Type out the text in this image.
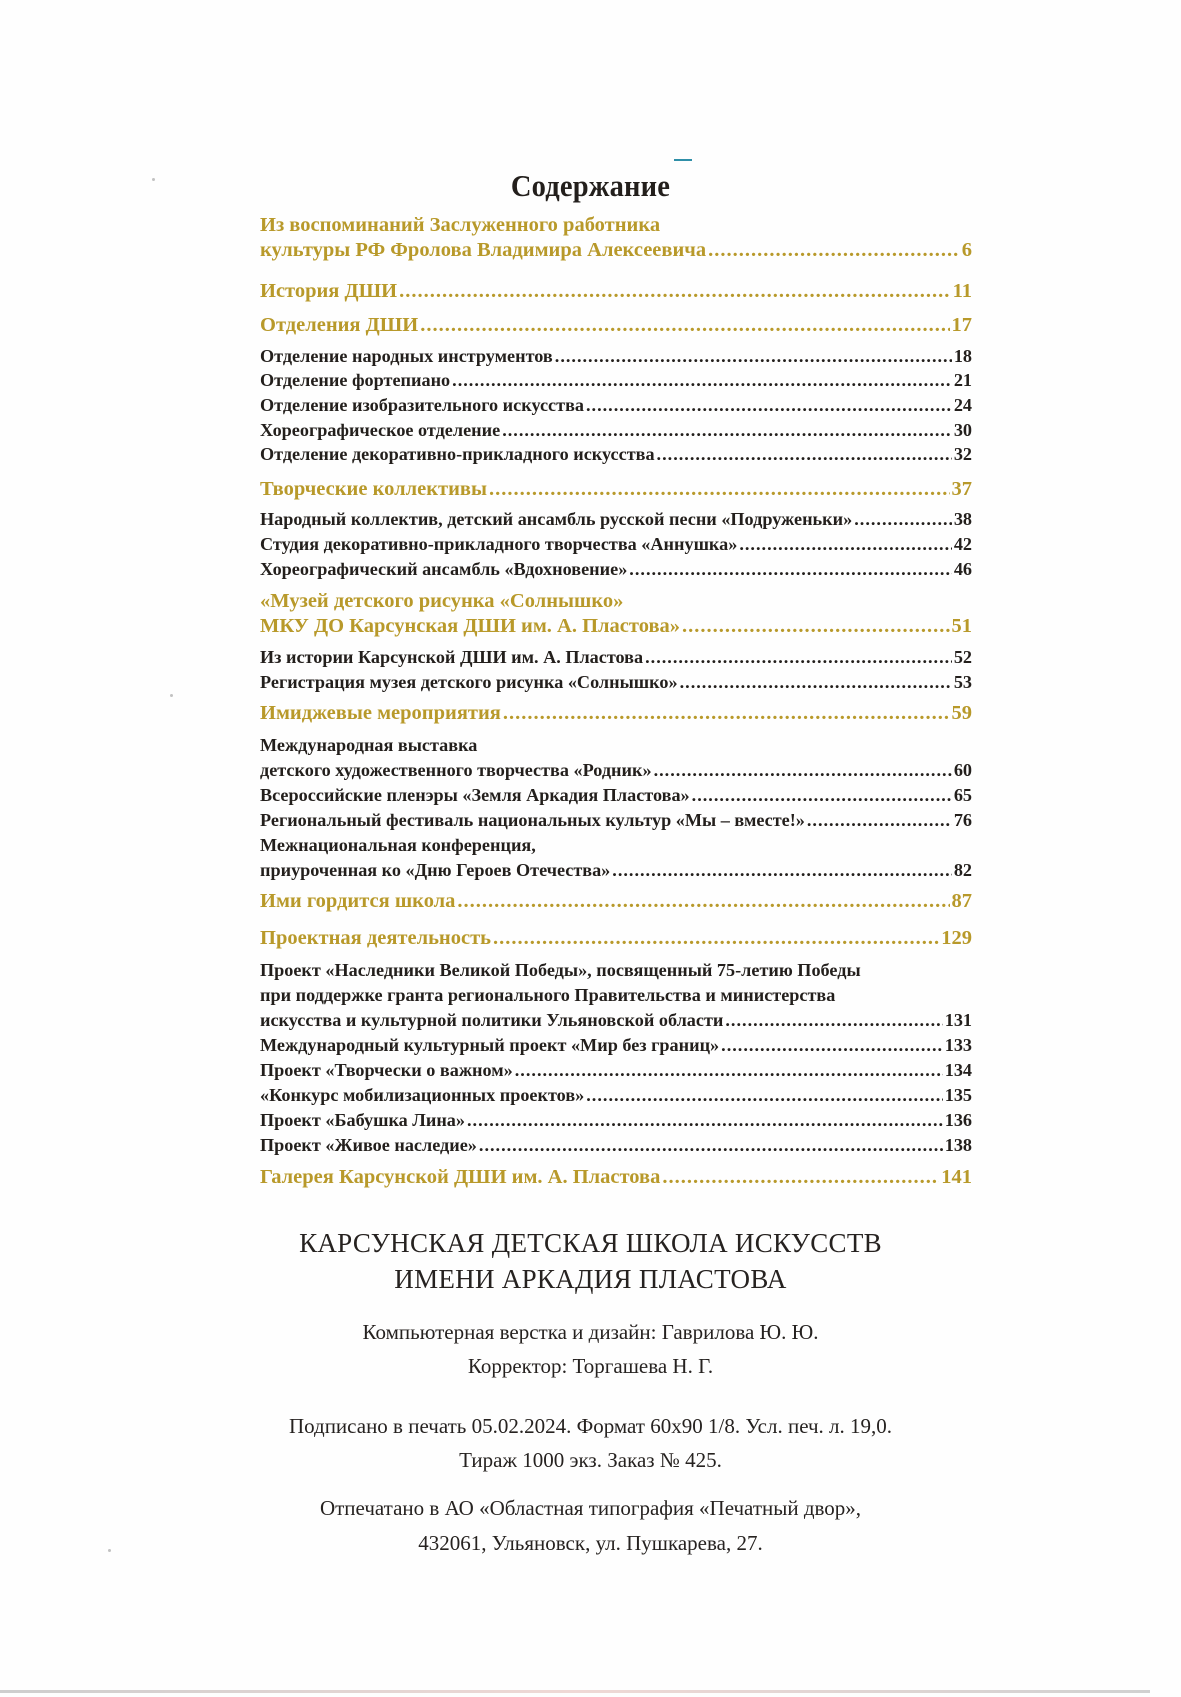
Содержание
Из воспоминаний Заслуженного работника
культуры РФ Фролова Владимира Алексеевича .....	6
История ДШИ .....	11
Отделения ДШИ .....	17
Отделение народных инструментов .....	18
Отделение фортепиано .....	21
Отделение изобразительного искусства .....	24
Хореографическое отделение .....	30
Отделение декоративно-прикладного искусства .....	32
Творческие коллективы .....	37
Народный коллектив, детский ансамбль русской песни «Подруженьки» .....	38
Студия декоративно-прикладного творчества «Аннушка» .....	42
Хореографический ансамбль «Вдохновение» .....	46
«Музей детского рисунка «Солнышко»
МКУ ДО Карсунская ДШИ им. А. Пластова» .....	51
Из истории Карсунской ДШИ им. А. Пластова .....	52
Регистрация музея детского рисунка «Солнышко» .....	53
Имиджевые мероприятия .....	59
Международная выставка
детского художественного творчества «Родник» .....	60
Всероссийские пленэры «Земля Аркадия Пластова» .....	65
Региональный фестиваль национальных культур «Мы – вместе!» .....	76
Межнациональная конференция,
приуроченная ко «Дню Героев Отечества» .....	82
Ими гордится школа .....	87
Проектная деятельность .....	129
Проект «Наследники Великой Победы», посвященный 75-летию Победы
при поддержке гранта регионального Правительства и министерства
искусства и культурной политики Ульяновской области .....	131
Международный культурный проект «Мир без границ» .....	133
Проект «Творчески о важном» .....	134
«Конкурс мобилизационных проектов» .....	135
Проект «Бабушка Лина» .....	136
Проект «Живое наследие» .....	138
Галерея Карсунской ДШИ им. А. Пластова .....	141
КАРСУНСКАЯ ДЕТСКАЯ ШКОЛА ИСКУССТВ
ИМЕНИ АРКАДИЯ ПЛАСТОВА
Компьютерная верстка и дизайн: Гаврилова Ю. Ю.
Корректор: Торгашева Н. Г.
Подписано в печать 05.02.2024. Формат 60х90 1/8. Усл. печ. л. 19,0.
Тираж 1000 экз. Заказ № 425.
Отпечатано в АО «Областная типография «Печатный двор»,
432061, Ульяновск, ул. Пушкарева, 27.
